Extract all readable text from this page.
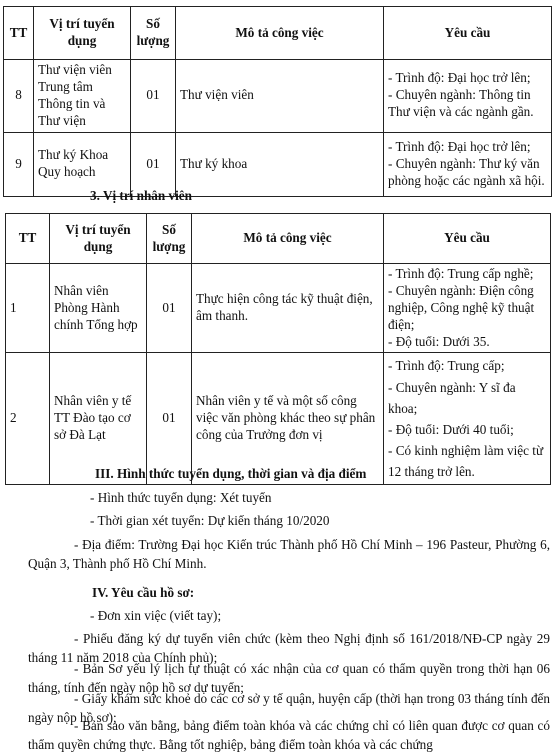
TT	Vị trí tuyển dụng	Số lượng	Mô tả công việc	Yêu cầu
8	Thư viện viên Trung tâm Thông tin và Thư viện	01	Thư viện viên	- Trình độ: Đại học trở lên;
- Chuyên ngành: Thông tin Thư viện và các ngành gần.

9	Thư ký Khoa Quy hoạch	01	Thư ký khoa	- Trình độ: Đại học trở lên;
- Chuyên ngành: Thư ký văn phòng hoặc các ngành xã hội.
3. Vị trí nhân viên
TT	Vị trí tuyển dụng	Số lượng	Mô tả công việc	Yêu cầu
1	Nhân viên Phòng Hành chính Tổng hợp	01	Thực hiện công tác kỹ thuật điện, âm thanh.	- Trình độ: Trung cấp nghề;
- Chuyên ngành: Điện công nghiệp, Công nghệ kỹ thuật điện;
- Độ tuổi: Dưới 35.

2	Nhân viên y tế TT Đào tạo cơ sở Đà Lạt	01	Nhân viên y tế và một số công việc văn phòng khác theo sự phân công của Trưởng đơn vị	- Trình độ: Trung cấp;
- Chuyên ngành: Y sĩ đa khoa;
- Độ tuổi: Dưới 40 tuổi;
- Có kinh nghiệm làm việc từ 12 tháng trở lên.
III. Hình thức tuyển dụng, thời gian và địa điểm
- Hình thức tuyển dụng: Xét tuyển
- Thời gian xét tuyển: Dự kiến tháng 10/2020
- Địa điểm: Trường Đại học Kiến trúc Thành phố Hồ Chí Minh – 196 Pasteur, Phường 6, Quận 3, Thành phố Hồ Chí Minh.
IV. Yêu cầu hồ sơ:
- Đơn xin việc (viết tay);
- Phiếu đăng ký dự tuyển viên chức (kèm theo Nghị định số 161/2018/NĐ-CP ngày 29 tháng 11 năm 2018 của Chính phủ);
- Bản Sơ yếu lý lịch tự thuật có xác nhận của cơ quan có thẩm quyền trong thời hạn 06 tháng, tính đến ngày nộp hồ sơ dự tuyển;
- Giấy khám sức khoẻ do các cơ sở y tế quận, huyện cấp (thời hạn trong 03 tháng tính đến ngày nộp hồ sơ);
- Bản sao văn bằng, bảng điểm toàn khóa và các chứng chỉ có liên quan được cơ quan có thẩm quyền chứng thực. Bằng tốt nghiệp, bảng điểm toàn khóa và các chứng
